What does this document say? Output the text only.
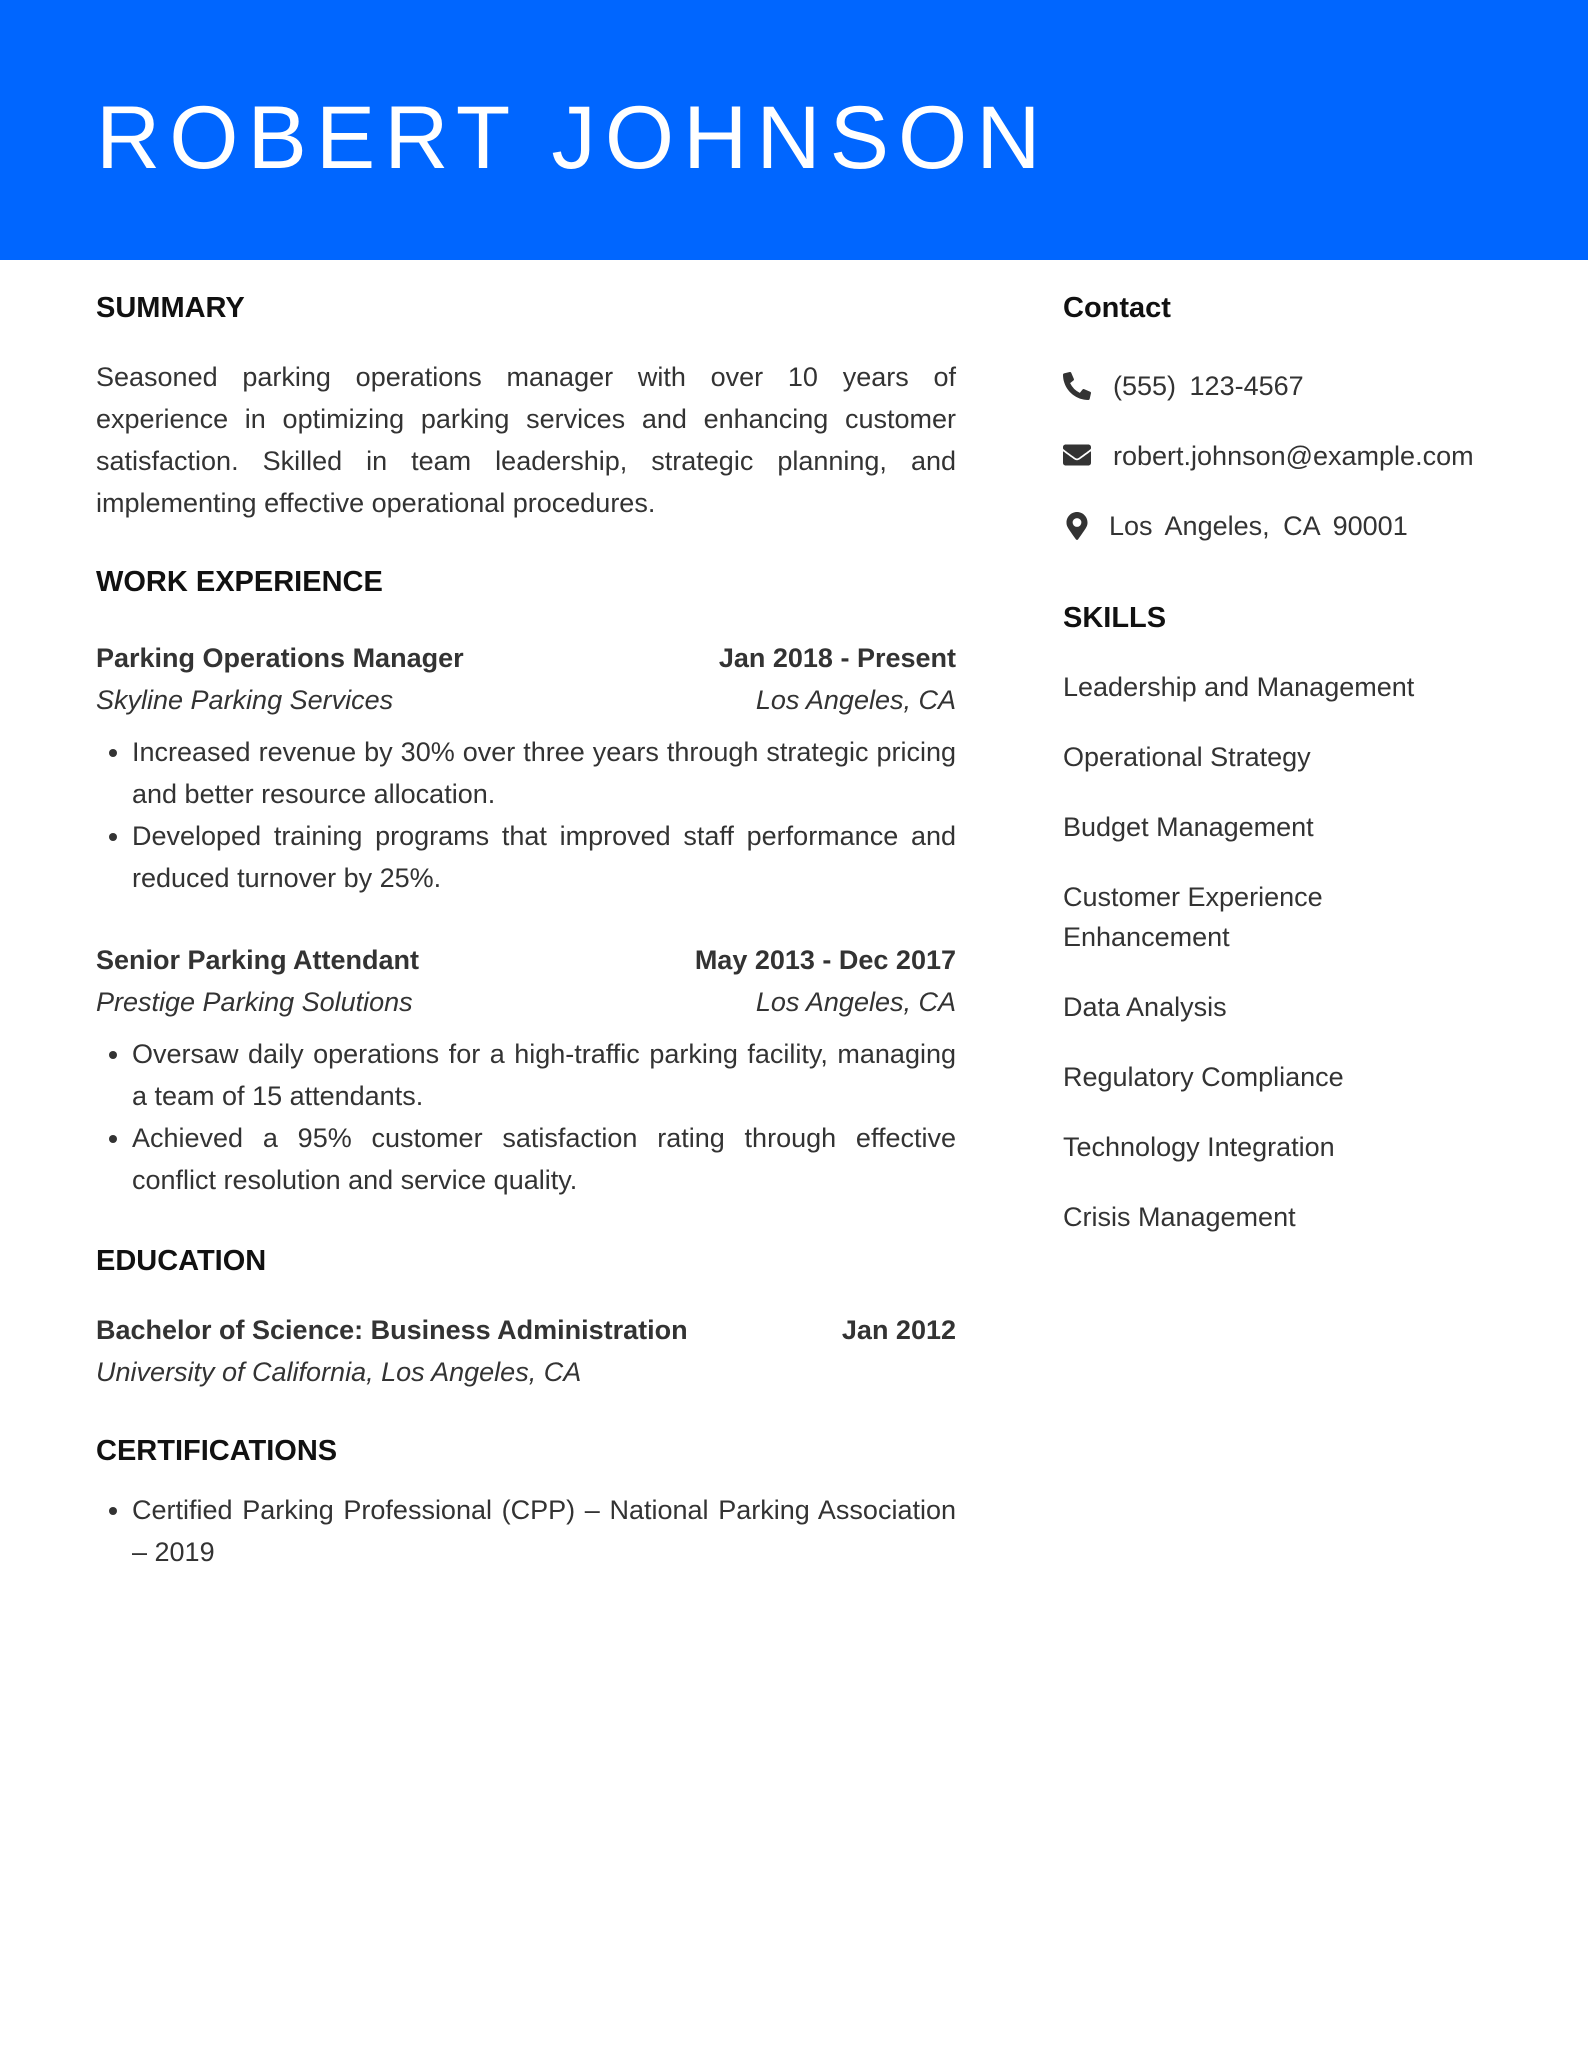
ROBERT JOHNSON
SUMMARY

Seasoned parking operations manager with over 10 years of experience in optimizing parking services and enhancing customer satisfaction. Skilled in team leadership, strategic planning, and implementing effective operational procedures.

WORK EXPERIENCE
Parking Operations Manager	Jan 2018 - Present
Skyline Parking Services	Los Angeles, CA
• Increased revenue by 30% over three years through strategic pricing and better resource allocation.
• Developed training programs that improved staff performance and reduced turnover by 25%.
Senior Parking Attendant	May 2013 - Dec 2017
Prestige Parking Solutions	Los Angeles, CA
• Oversaw daily operations for a high-traffic parking facility, managing a team of 15 attendants.
• Achieved a 95% customer satisfaction rating through effective conflict resolution and service quality.
EDUCATION
Bachelor of Science: Business Administration	Jan 2012
University of California, Los Angeles, CA
CERTIFICATIONS
• Certified Parking Professional (CPP) – National Parking Association – 2019
Contact
(555) 123-4567
robert.johnson@example.com
Los Angeles, CA 90001
SKILLS

Leadership and Management

Operational Strategy

Budget Management

Customer Experience Enhancement

Data Analysis

Regulatory Compliance

Technology Integration

Crisis Management
